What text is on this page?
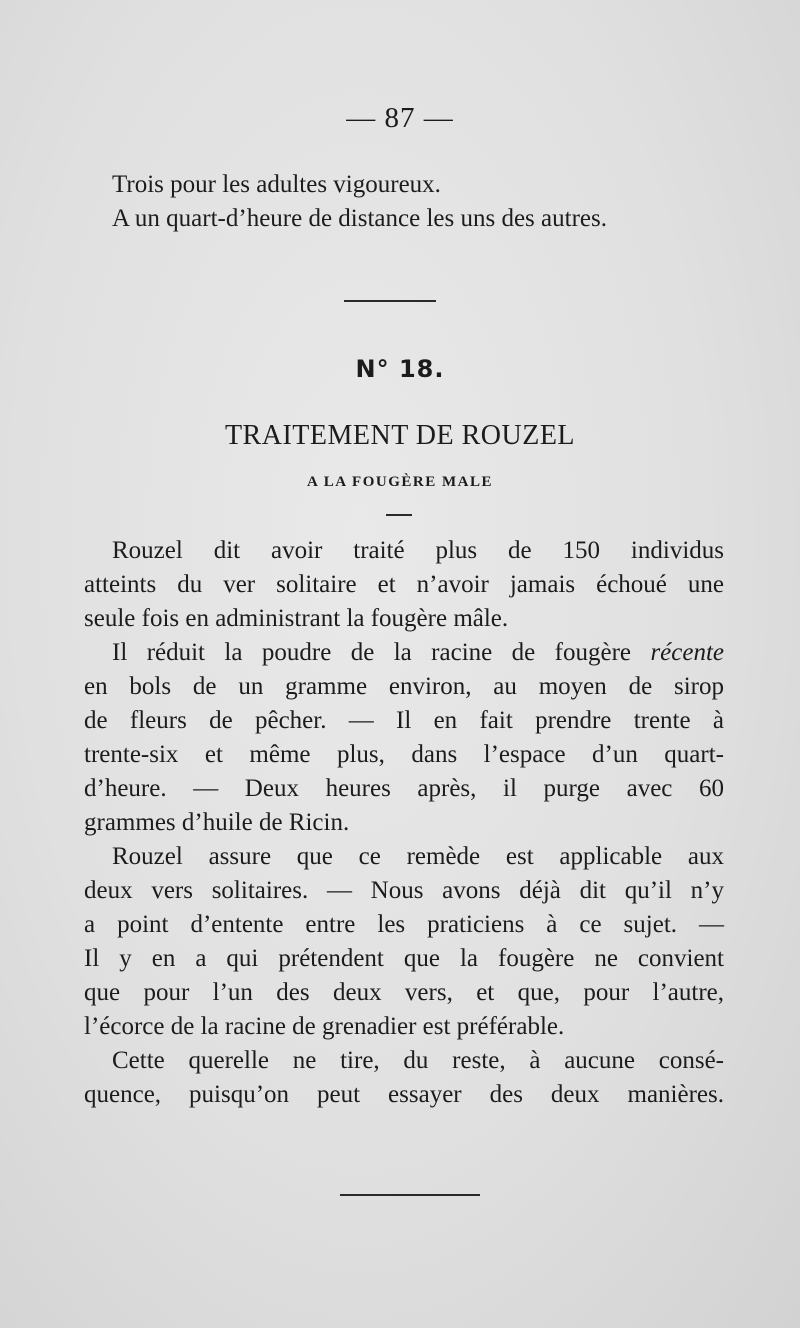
— 87 —
Trois pour les adultes vigoureux.
A un quart-d’heure de distance les uns des autres.
N° 18.
TRAITEMENT DE ROUZEL
A LA FOUGÈRE MALE
Rouzel dit avoir traité plus de 150 individus
atteints du ver solitaire et n’avoir jamais échoué une
seule fois en administrant la fougère mâle.
Il réduit la poudre de la racine de fougère récente
en bols de un gramme environ, au moyen de sirop
de fleurs de pêcher. — Il en fait prendre trente à
trente-six et même plus, dans l’espace d’un quart-
d’heure. — Deux heures après, il purge avec 60
grammes d’huile de Ricin.
Rouzel assure que ce remède est applicable aux
deux vers solitaires. — Nous avons déjà dit qu’il n’y
a point d’entente entre les praticiens à ce sujet. —
Il y en a qui prétendent que la fougère ne convient
que pour l’un des deux vers, et que, pour l’autre,
l’écorce de la racine de grenadier est préférable.
Cette querelle ne tire, du reste, à aucune consé-
quence, puisqu’on peut essayer des deux manières.
